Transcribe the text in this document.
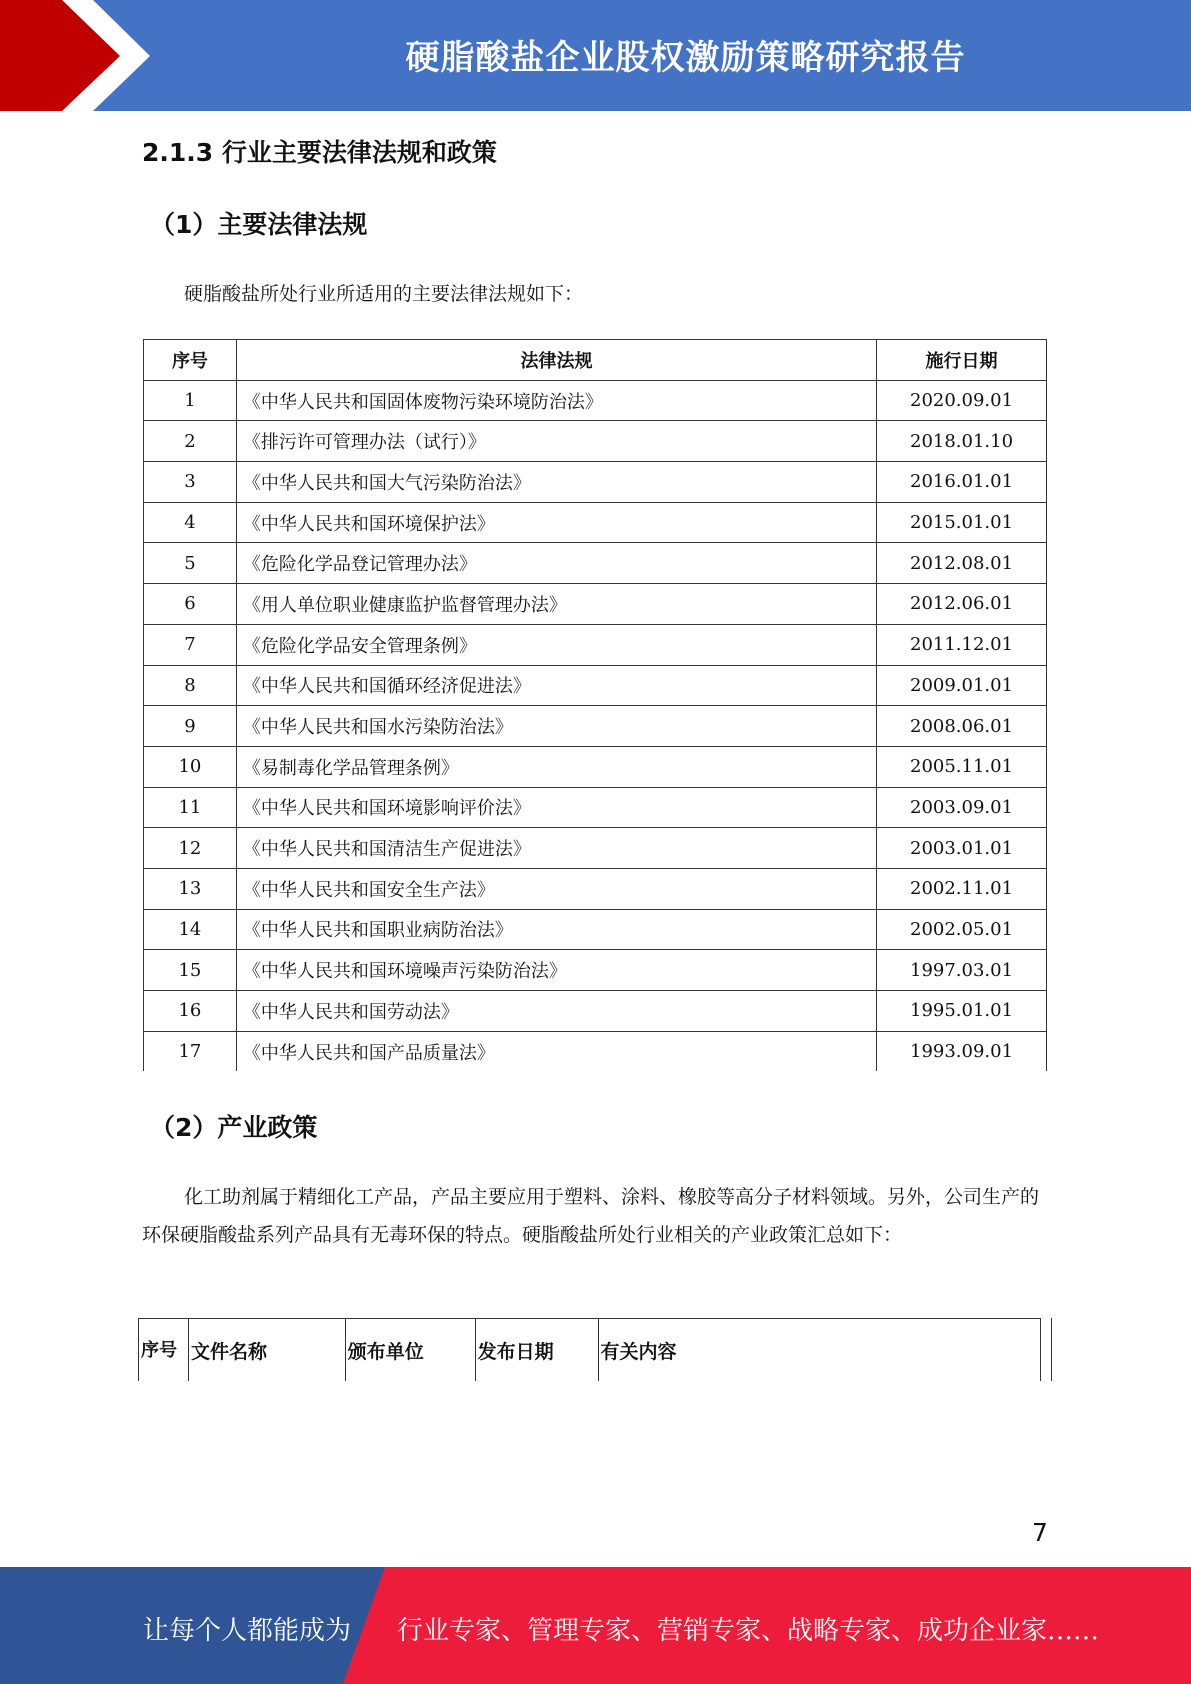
硬脂酸盐企业股权激励策略研究报告
2.1.3 行业主要法律法规和政策
（1）主要法律法规
硬脂酸盐所处行业所适用的主要法律法规如下：
序号	法律法规	施行日期
1	《中华人民共和国固体废物污染环境防治法》	2020.09.01
2	《排污许可管理办法（试行）》	2018.01.10
3	《中华人民共和国大气污染防治法》	2016.01.01
4	《中华人民共和国环境保护法》	2015.01.01
5	《危险化学品登记管理办法》	2012.08.01
6	《用人单位职业健康监护监督管理办法》	2012.06.01
7	《危险化学品安全管理条例》	2011.12.01
8	《中华人民共和国循环经济促进法》	2009.01.01
9	《中华人民共和国水污染防治法》	2008.06.01
10	《易制毒化学品管理条例》	2005.11.01
11	《中华人民共和国环境影响评价法》	2003.09.01
12	《中华人民共和国清洁生产促进法》	2003.01.01
13	《中华人民共和国安全生产法》	2002.11.01
14	《中华人民共和国职业病防治法》	2002.05.01
15	《中华人民共和国环境噪声污染防治法》	1997.03.01
16	《中华人民共和国劳动法》	1995.01.01
17	《中华人民共和国产品质量法》	1993.09.01
（2）产业政策
化工助剂属于精细化工产品，产品主要应用于塑料、涂料、橡胶等高分子材料领域。另外，公司生产的环保硬脂酸盐系列产品具有无毒环保的特点。硬脂酸盐所处行业相关的产业政策汇总如下：
序号	文件名称	颁布单位	发布日期	有关内容
7
让每个人都能成为 行业专家、管理专家、营销专家、战略专家、成功企业家……
